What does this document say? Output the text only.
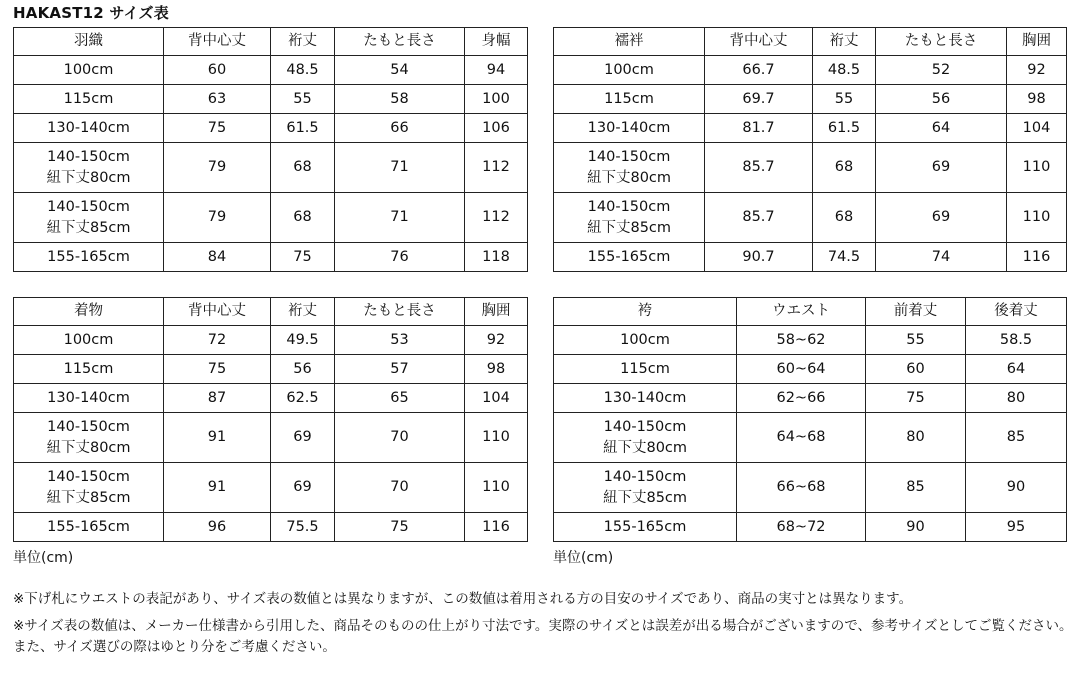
HAKAST12 サイズ表
羽織	背中心丈	裄丈	たもと長さ	身幅
100cm	60	48.5	54	94
115cm	63	55	58	100
130-140cm	75	61.5	66	106

140-150cm
紐下丈80cm	79	68	71	112

140-150cm
紐下丈85cm	79	68	71	112
155-165cm	84	75	76	118
襦袢	背中心丈	裄丈	たもと長さ	胸囲
100cm	66.7	48.5	52	92
115cm	69.7	55	56	98
130-140cm	81.7	61.5	64	104

140-150cm
紐下丈80cm	85.7	68	69	110

140-150cm
紐下丈85cm	85.7	68	69	110
155-165cm	90.7	74.5	74	116
着物	背中心丈	裄丈	たもと長さ	胸囲
100cm	72	49.5	53	92
115cm	75	56	57	98
130-140cm	87	62.5	65	104

140-150cm
紐下丈80cm	91	69	70	110

140-150cm
紐下丈85cm	91	69	70	110
155-165cm	96	75.5	75	116
袴	ウエスト	前着丈	後着丈
100cm	58~62	55	58.5
115cm	60~64	60	64
130-140cm	62~66	75	80

140-150cm
紐下丈80cm	64~68	80	85

140-150cm
紐下丈85cm	66~68	85	90
155-165cm	68~72	90	95
単位(cm)	単位(cm)
※下げ札にウエストの表記があり、サイズ表の数値とは異なりますが、この数値は着用される方の目安のサイズであり、商品の実寸とは異なります。
※サイズ表の数値は、メーカー仕様書から引用した、商品そのものの仕上がり寸法です。実際のサイズとは誤差が出る場合がございますので、参考サイズとしてご覧ください。また、サイズ選びの際はゆとり分をご考慮ください。
